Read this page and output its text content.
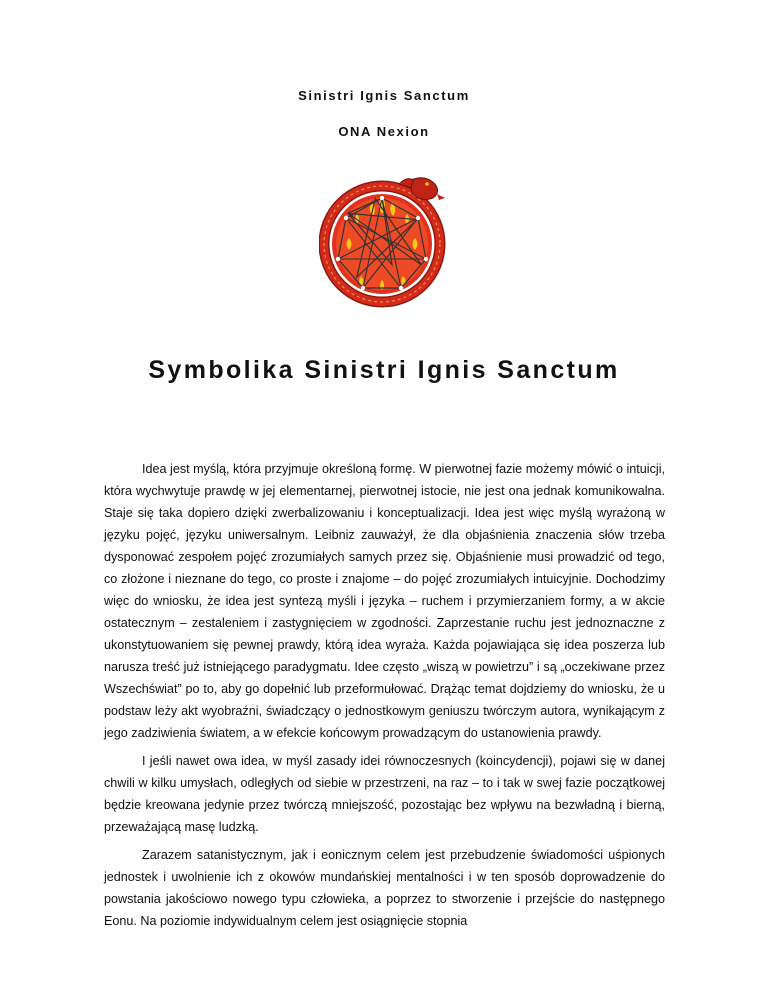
Sinistri Ignis Sanctum
ONA Nexion
Symbolika Sinistri Ignis Sanctum

Idea jest myślą, która przyjmuje określoną formę. W pierwotnej fazie możemy mówić o intuicji, która wychwytuje prawdę w jej elementarnej, pierwotnej istocie, nie jest ona jednak komunikowalna. Staje się taka dopiero dzięki zwerbalizowaniu i konceptualizacji. Idea jest więc myślą wyrażoną w języku pojęć, języku uniwersalnym. Leibniz zauważył, że dla objaśnienia znaczenia słów trzeba dysponować zespołem pojęć zrozumiałych samych przez się. Objaśnienie musi prowadzić od tego, co złożone i nieznane do tego, co proste i znajome – do pojęć zrozumiałych intuicyjnie. Dochodzimy więc do wniosku, że idea jest syntezą myśli i języka – ruchem i przymierzaniem formy, a w akcie ostatecznym – zestaleniem i zastygnięciem w zgodności. Zaprzestanie ruchu jest jednoznaczne z ukonstytuowaniem się pewnej prawdy, którą idea wyraża. Każda pojawiająca się idea poszerza lub narusza treść już istniejącego paradygmatu. Idee często „wiszą w powietrzu” i są „oczekiwane przez Wszechświat” po to, aby go dopełnić lub przeformułować. Drążąc temat dojdziemy do wniosku, że u podstaw leży akt wyobraźni, świadczący o jednostkowym geniuszu twórczym autora, wynikającym z jego zadziwienia światem, a w efekcie końcowym prowadzącym do ustanowienia prawdy.

I jeśli nawet owa idea, w myśl zasady idei równoczesnych (koincydencji), pojawi się w danej chwili w kilku umysłach, odległych od siebie w przestrzeni, na raz – to i tak w swej fazie początkowej będzie kreowana jedynie przez twórczą mniejszość, pozostając bez wpływu na bezwładną i bierną, przeważającą masę ludzką.

Zarazem satanistycznym, jak i eonicznym celem jest przebudzenie świadomości uśpionych jednostek i uwolnienie ich z okowów mundańskiej mentalności i w ten sposób doprowadzenie do powstania jakościowo nowego typu człowieka, a poprzez to stworzenie i przejście do następnego Eonu. Na poziomie indywidualnym celem jest osiągnięcie stopnia
